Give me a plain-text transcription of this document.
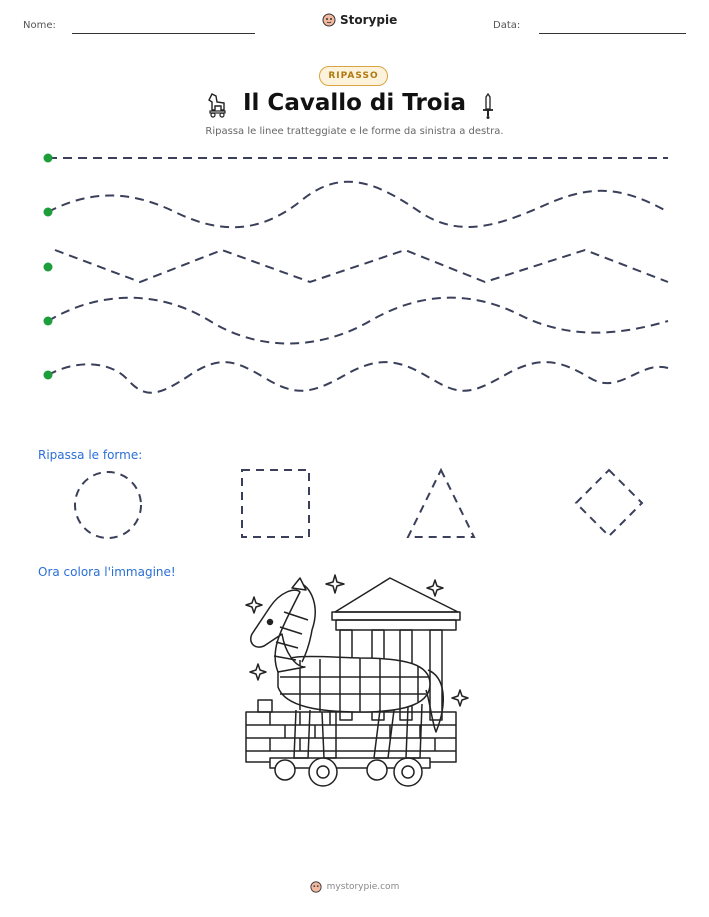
Nome:	Storypie	Data:
RIPASSO
Il Cavallo di Troia
Ripassa le linee tratteggiate e le forme da sinistra a destra.
Ripassa le forme:
Ora colora l'immagine!
mystorypie.com
